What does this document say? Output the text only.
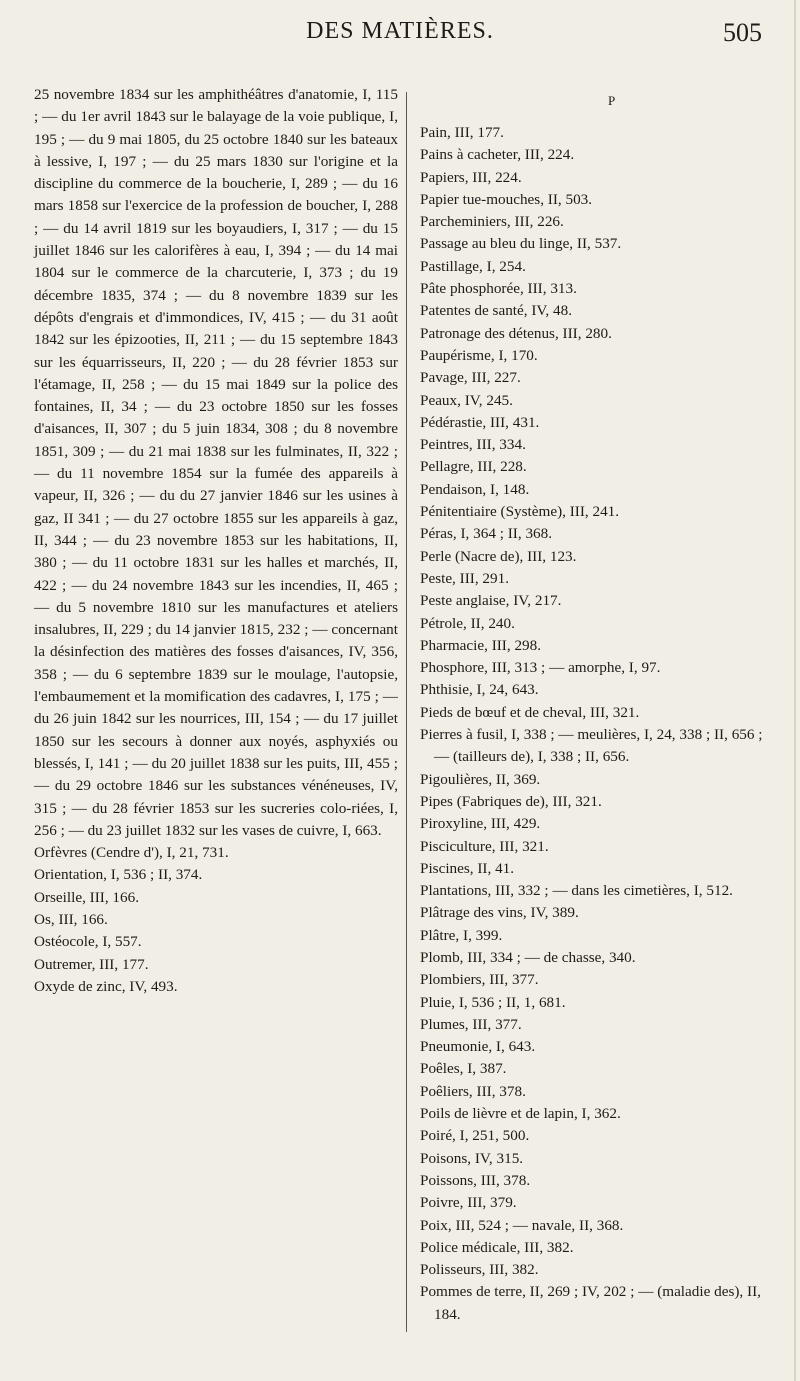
DES MATIÈRES.	505

25 novembre 1834 sur les amphithéâtres d'anatomie, I, 115 ; — du 1er avril 1843 sur le balayage de la voie publique, I, 195 ; — du 9 mai 1805, du 25 octobre 1840 sur les bateaux à lessive, I, 197 ; — du 25 mars 1830 sur l'origine et la discipline du commerce de la boucherie, I, 289 ; — du 16 mars 1858 sur l'exercice de la profession de boucher, I, 288 ; — du 14 avril 1819 sur les boyaudiers, I, 317 ; — du 15 juillet 1846 sur les calorifères à eau, I, 394 ; — du 14 mai 1804 sur le commerce de la charcuterie, I, 373 ; du 19 décembre 1835, 374 ; — du 8 novembre 1839 sur les dépôts d'engrais et d'immondices, IV, 415 ; — du 31 août 1842 sur les épizooties, II, 211 ; — du 15 septembre 1843 sur les équarrisseurs, II, 220 ; — du 28 février 1853 sur l'étamage, II, 258 ; — du 15 mai 1849 sur la police des fontaines, II, 34 ; — du 23 octobre 1850 sur les fosses d'aisances, II, 307 ; du 5 juin 1834, 308 ; du 8 novembre 1851, 309 ; — du 21 mai 1838 sur les fulminates, II, 322 ; — du 11 novembre 1854 sur la fumée des appareils à vapeur, II, 326 ; — du du 27 janvier 1846 sur les usines à gaz, II 341 ; — du 27 octobre 1855 sur les appareils à gaz, II, 344 ; — du 23 novembre 1853 sur les habitations, II, 380 ; — du 11 octobre 1831 sur les halles et marchés, II, 422 ; — du 24 novembre 1843 sur les incendies, II, 465 ; — du 5 novembre 1810 sur les manufactures et ateliers insalubres, II, 229 ; du 14 janvier 1815, 232 ; — concernant la désinfection des matières des fosses d'aisances, IV, 356, 358 ; — du 6 septembre 1839 sur le moulage, l'autopsie, l'embaumement et la momification des cadavres, I, 175 ; — du 26 juin 1842 sur les nourrices, III, 154 ; — du 17 juillet 1850 sur les secours à donner aux noyés, asphyxiés ou blessés, I, 141 ; — du 20 juillet 1838 sur les puits, III, 455 ; — du 29 octobre 1846 sur les substances vénéneuses, IV, 315 ; — du 28 février 1853 sur les sucreries colo-riées, I, 256 ; — du 23 juillet 1832 sur les vases de cuivre, I, 663.

Orfèvres (Cendre d'), I, 21, 731.

Orientation, I, 536 ; II, 374.

Orseille, III, 166.

Os, III, 166.

Ostéocole, I, 557.

Outremer, III, 177.

Oxyde de zinc, IV, 493.

P

Pain, III, 177.

Pains à cacheter, III, 224.

Papiers, III, 224.

Papier tue-mouches, II, 503.

Parcheminiers, III, 226.

Passage au bleu du linge, II, 537.

Pastillage, I, 254.

Pâte phosphorée, III, 313.

Patentes de santé, IV, 48.

Patronage des détenus, III, 280.

Paupérisme, I, 170.

Pavage, III, 227.

Peaux, IV, 245.

Pédérastie, III, 431.

Peintres, III, 334.

Pellagre, III, 228.

Pendaison, I, 148.

Pénitentiaire (Système), III, 241.

Péras, I, 364 ; II, 368.

Perle (Nacre de), III, 123.

Peste, III, 291.

Peste anglaise, IV, 217.

Pétrole, II, 240.

Pharmacie, III, 298.

Phosphore, III, 313 ; — amorphe, I, 97.

Phthisie, I, 24, 643.

Pieds de bœuf et de cheval, III, 321.

Pierres à fusil, I, 338 ; — meulières, I, 24, 338 ; II, 656 ; — (tailleurs de), I, 338 ; II, 656.

Pigoulières, II, 369.

Pipes (Fabriques de), III, 321.

Piroxyline, III, 429.

Pisciculture, III, 321.

Piscines, II, 41.

Plantations, III, 332 ; — dans les cimetières, I, 512.

Plâtrage des vins, IV, 389.

Plâtre, I, 399.

Plomb, III, 334 ; — de chasse, 340.

Plombiers, III, 377.

Pluie, I, 536 ; II, 1, 681.

Plumes, III, 377.

Pneumonie, I, 643.

Poêles, I, 387.

Poêliers, III, 378.

Poils de lièvre et de lapin, I, 362.

Poiré, I, 251, 500.

Poisons, IV, 315.

Poissons, III, 378.

Poivre, III, 379.

Poix, III, 524 ; — navale, II, 368.

Police médicale, III, 382.

Polisseurs, III, 382.

Pommes de terre, II, 269 ; IV, 202 ; — (maladie des), II, 184.
